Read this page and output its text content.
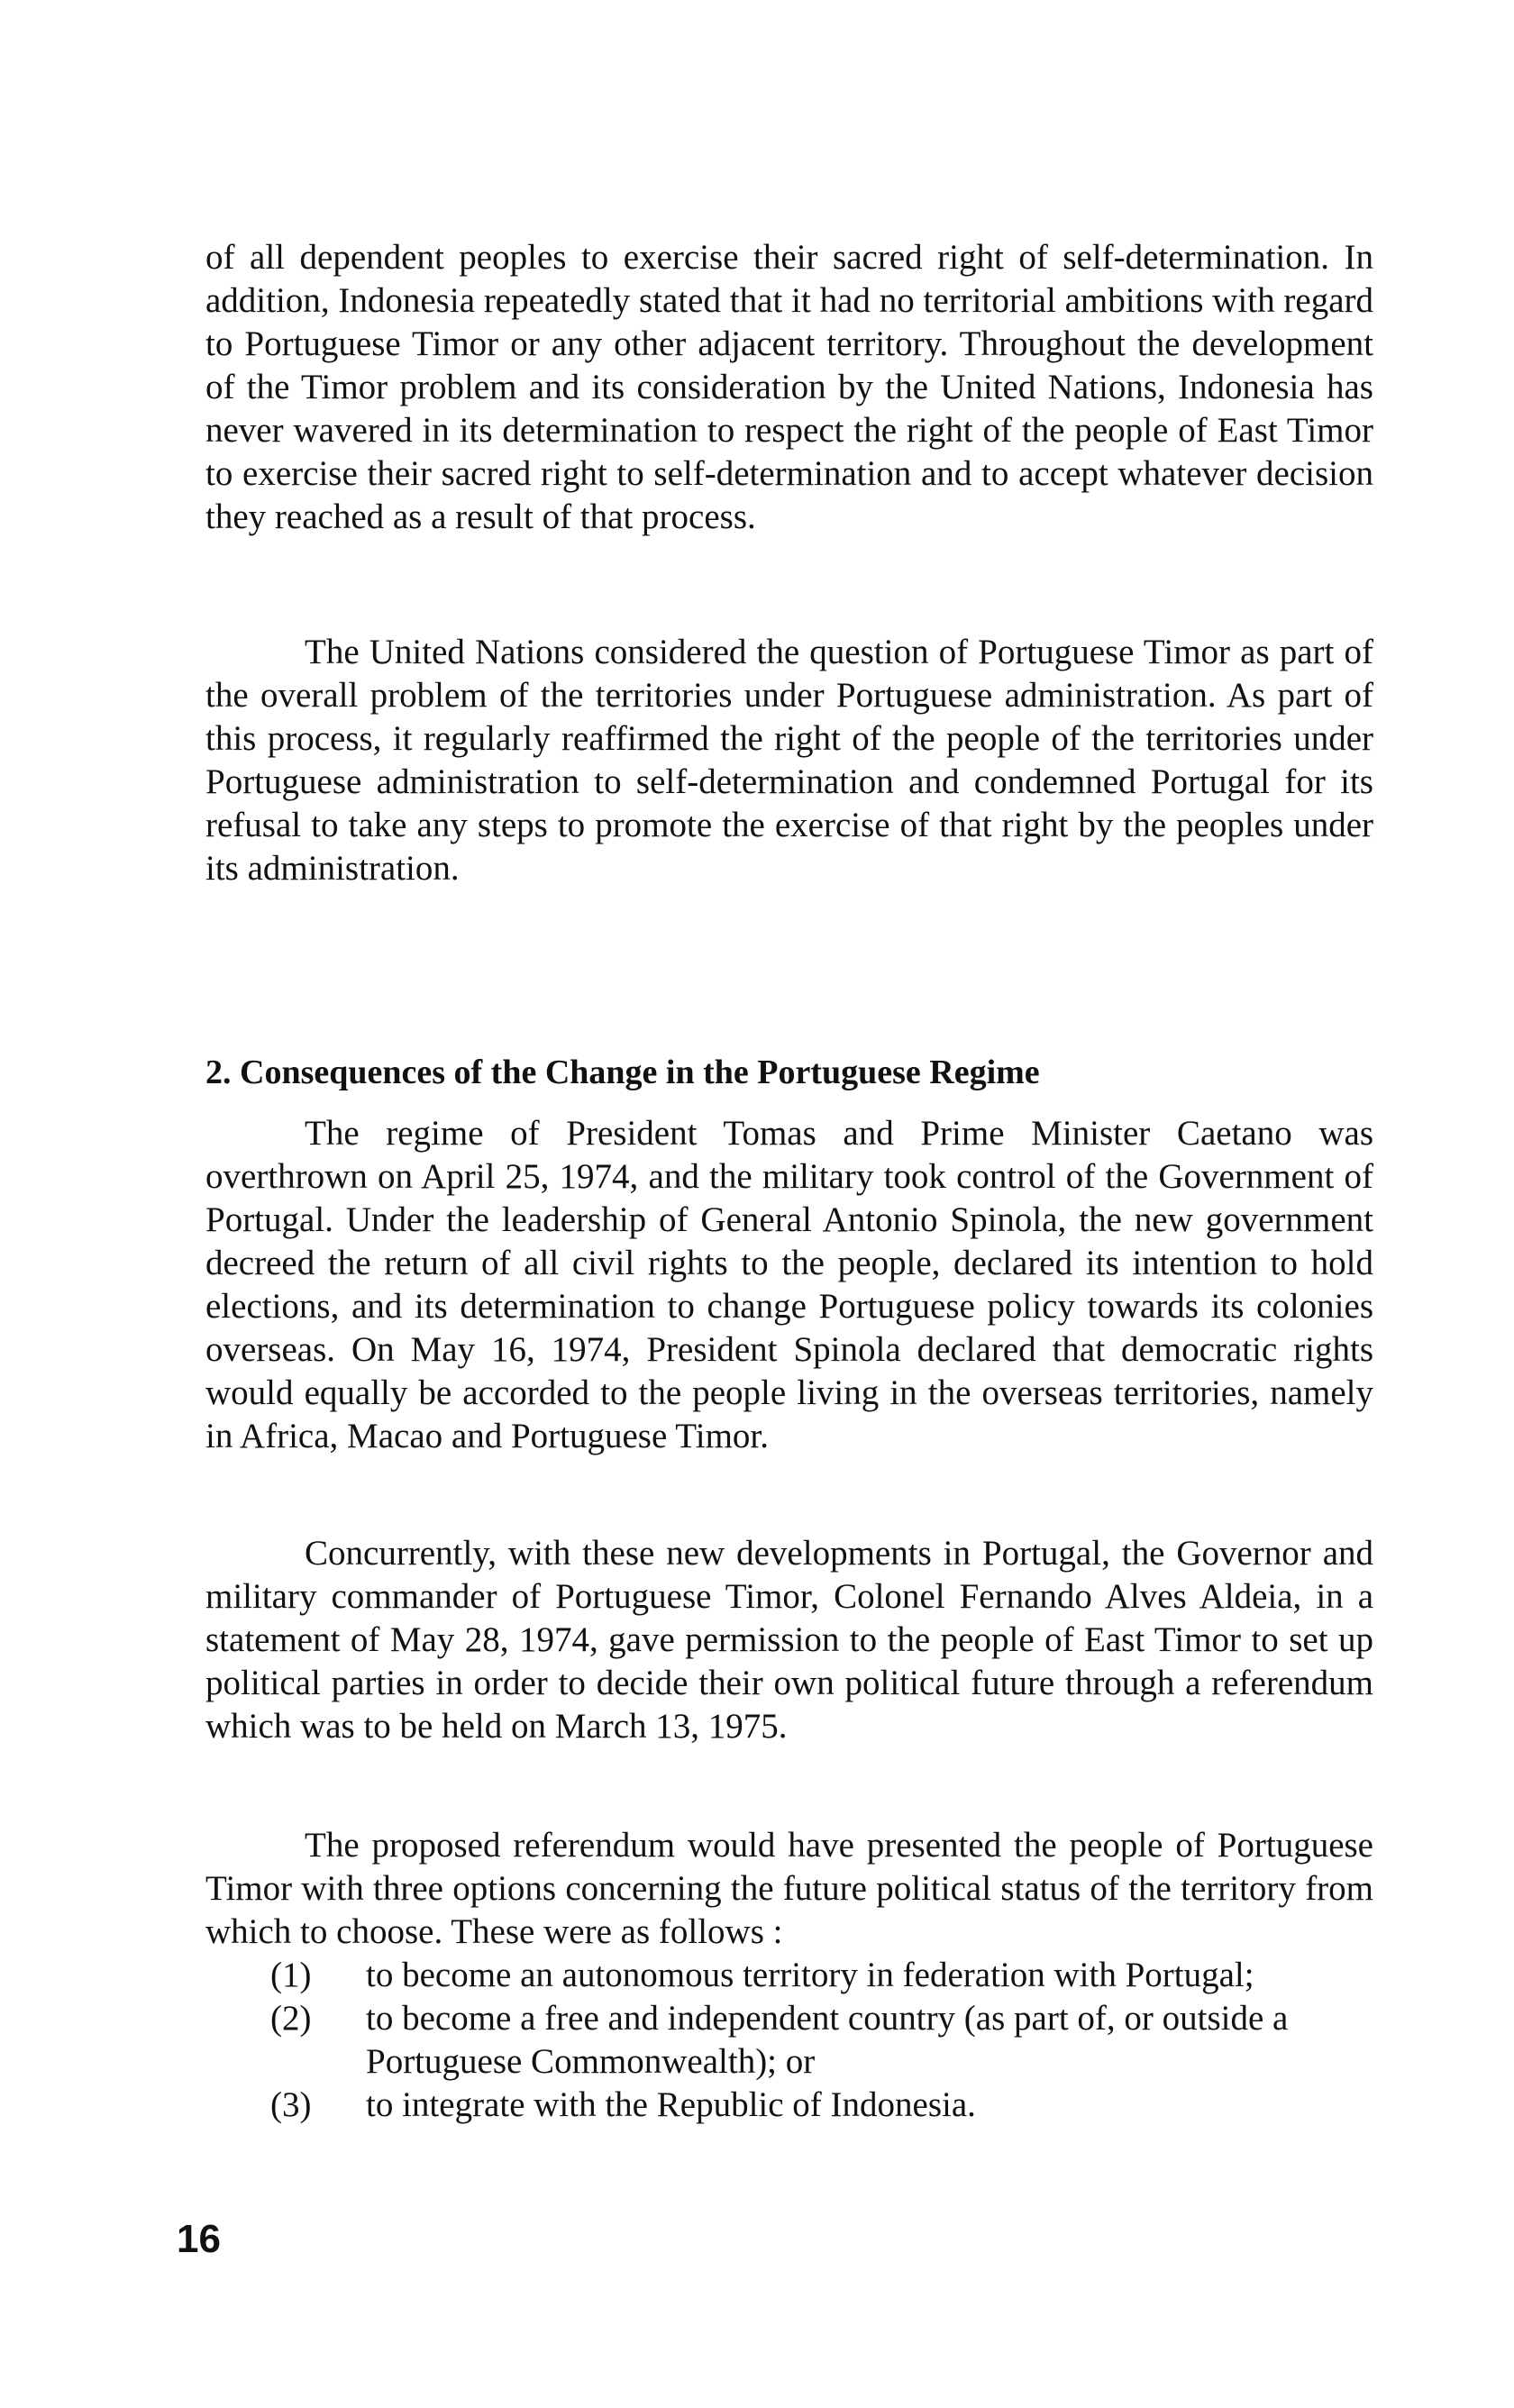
of all dependent peoples to exercise their sacred right of self-determination. In addition, Indonesia repeatedly stated that it had no territorial ambitions with regard to Portuguese Timor or any other adjacent territory. Throughout the development of the Timor problem and its consideration by the United Nations, Indonesia has never wavered in its determination to respect the right of the people of East Timor to exercise their sacred right to self-determination and to accept whatever decision they reached as a result of that process.

The United Nations considered the question of Portuguese Timor as part of the overall problem of the territories under Portuguese administration. As part of this process, it regularly reaffirmed the right of the people of the territories under Portuguese administration to self-determination and condemned Portugal for its refusal to take any steps to promote the exercise of that right by the peoples under its administration.

2. Consequences of the Change in the Portuguese Regime

The regime of President Tomas and Prime Minister Caetano was overthrown on April 25, 1974, and the military took control of the Government of Portugal. Under the leadership of General Antonio Spinola, the new government decreed the return of all civil rights to the people, declared its intention to hold elections, and its determination to change Portuguese policy towards its colonies overseas. On May 16, 1974, President Spinola declared that democratic rights would equally be accorded to the people living in the overseas territories, namely in Africa, Macao and Portuguese Timor.

Concurrently, with these new developments in Portugal, the Governor and military commander of Portuguese Timor, Colonel Fernando Alves Aldeia, in a statement of May 28, 1974, gave permission to the people of East Timor to set up political parties in order to decide their own political future through a referendum which was to be held on March 13, 1975.

The proposed referendum would have presented the people of Portuguese Timor with three options concerning the future political status of the territory from which to choose. These were as follows :

(1)	to become an autonomous territory in federation with Portugal;
(2)	to become a free and independent country (as part of, or outside a Portuguese Commonwealth); or
(3)	to integrate with the Republic of Indonesia.
16
